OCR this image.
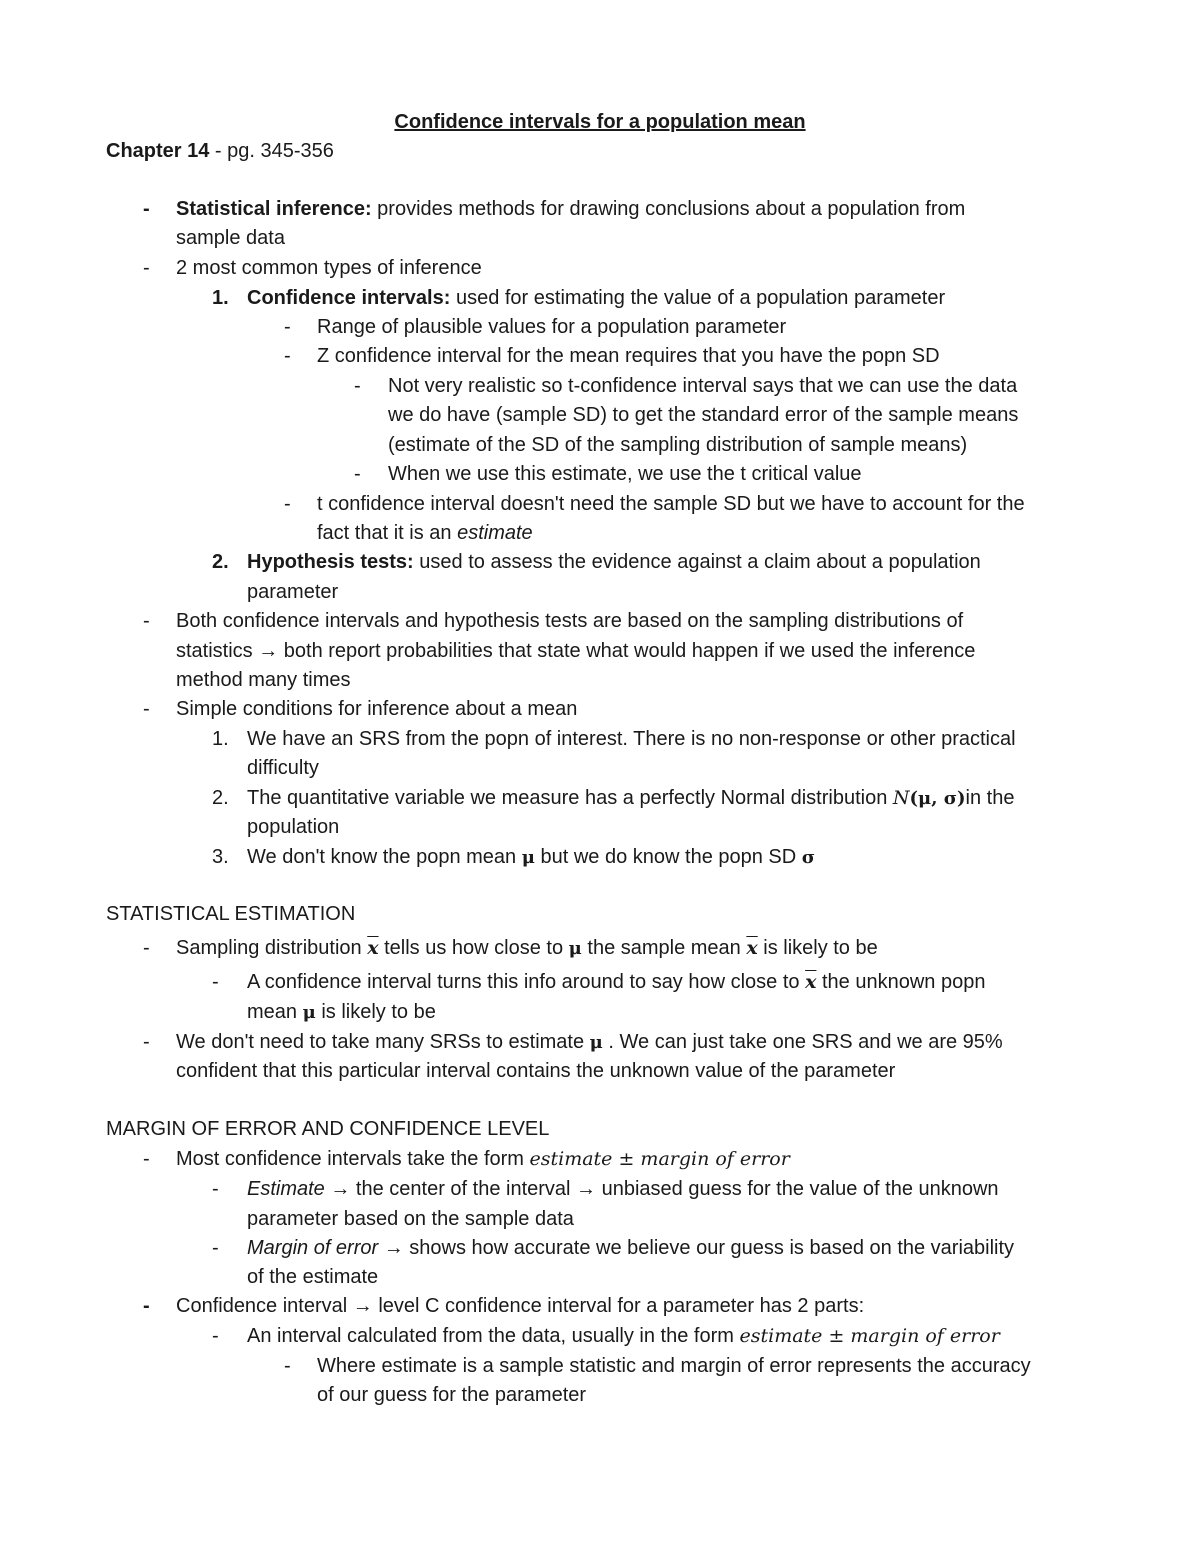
Confidence intervals for a population mean
Chapter 14 - pg. 345-356
- Statistical inference: provides methods for drawing conclusions about a population from
sample data
- 2 most common types of inference
1. Confidence intervals: used for estimating the value of a population parameter
- Range of plausible values for a population parameter
- Z confidence interval for the mean requires that you have the popn SD
- Not very realistic so t-confidence interval says that we can use the data
we do have (sample SD) to get the standard error of the sample means
(estimate of the SD of the sampling distribution of sample means)
- When we use this estimate, we use the t critical value
- t confidence interval doesn't need the sample SD but we have to account for the
fact that it is an estimate
2. Hypothesis tests: used to assess the evidence against a claim about a population
parameter
- Both confidence intervals and hypothesis tests are based on the sampling distributions of
statistics → both report probabilities that state what would happen if we used the inference
method many times
- Simple conditions for inference about a mean
1. We have an SRS from the popn of interest. There is no non-response or other practical
difficulty
2. The quantitative variable we measure has a perfectly Normal distribution N(μ, σ)in the
population
3. We don't know the popn mean μ but we do know the popn SD σ
STATISTICAL ESTIMATION
- Sampling distribution $\overline{x}$ tells us how close to μ the sample mean $\overline{x}$ is likely to be
- A confidence interval turns this info around to say how close to $\overline{x}$ the unknown popn
mean μ is likely to be
- We don't need to take many SRSs to estimate μ . We can just take one SRS and we are 95%
confident that this particular interval contains the unknown value of the parameter
MARGIN OF ERROR AND CONFIDENCE LEVEL
- Most confidence intervals take the form estimate ± margin of error
- Estimate → the center of the interval → unbiased guess for the value of the unknown
parameter based on the sample data
- Margin of error → shows how accurate we believe our guess is based on the variability
of the estimate
- Confidence interval → level C confidence interval for a parameter has 2 parts:
- An interval calculated from the data, usually in the form estimate ± margin of error
- Where estimate is a sample statistic and margin of error represents the accuracy
of our guess for the parameter
